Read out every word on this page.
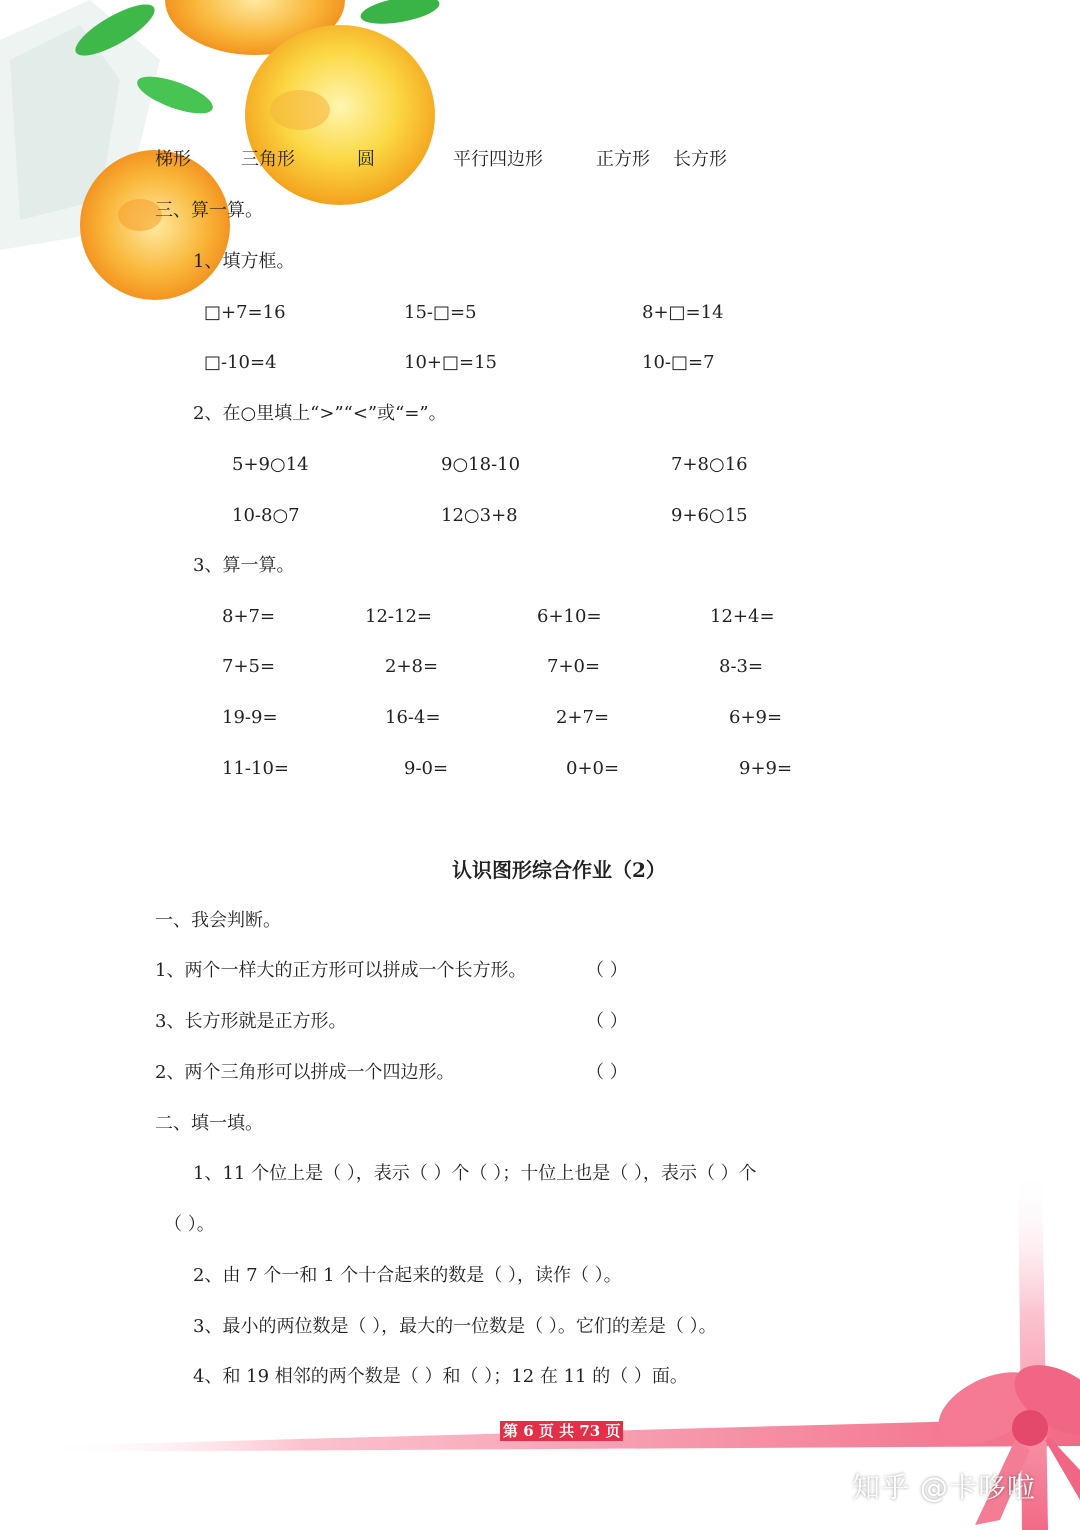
梯形	三角形	圆	平行四边形	正方形 长方形
三、算一算。
1、填方框。
□+7=16	15-□=5	8+□=14
□-10=4	10+□=15	10-□=7
2、在○里填上“>”“<”或“=”。
5+9○14	9○18-10	7+8○16
10-8○7	12○3+8	9+6○15
3、算一算。
8+7=	12-12=	6+10=	12+4=
7+5=	2+8=	7+0=	8-3=
19-9=	16-4=	2+7=	6+9=
11-10=	9-0=	0+0=	9+9=
认识图形综合作业（2）
一、我会判断。
1、两个一样大的正方形可以拼成一个长方形。	（ ）
3、长方形就是正方形。	（ ）
2、两个三角形可以拼成一个四边形。	（ ）
二、填一填。
1、11 个位上是（ ），表示（ ）个（ ）；十位上也是（ ），表示（ ）个
（ ）。
2、由 7 个一和 1 个十合起来的数是（ ），读作（ ）。
3、最小的两位数是（ ），最大的一位数是（ ）。它们的差是（ ）。
4、和 19 相邻的两个数是（ ）和（ ）；12 在 11 的（ ）面。
第 6 页 共 73 页
知乎 @卡哆啦
